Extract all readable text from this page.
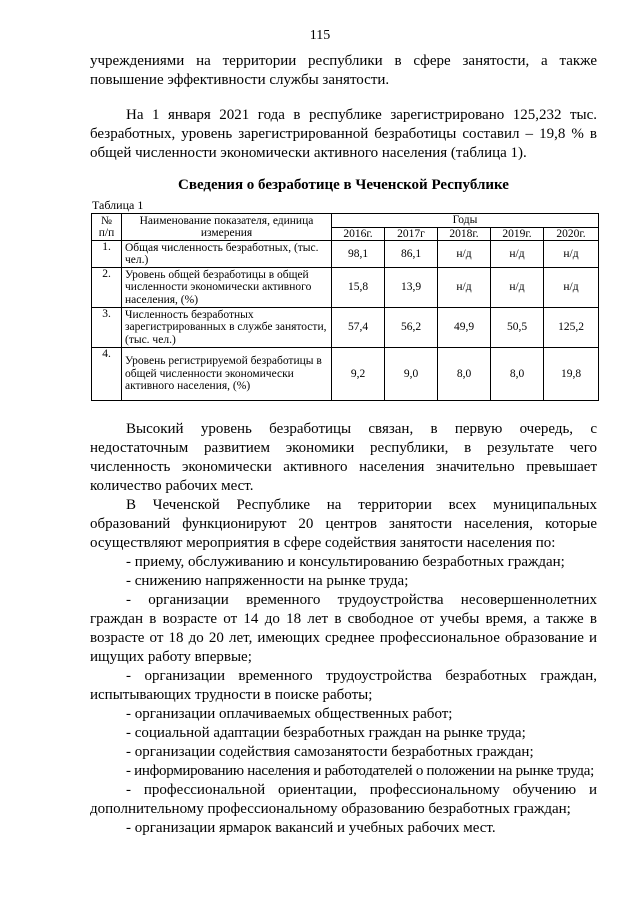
115

учреждениями на территории республики в сфере занятости, а также повышение эффективности службы занятости.

На 1 января 2021 года в республике зарегистрировано 125,232 тыс. безработных, уровень зарегистрированной безработицы составил – 19,8 % в общей численности экономически активного населения (таблица 1).

Сведения о безработице в Чеченской Республике
Таблица 1
№ п/п	Наименование показателя, единица измерения	Годы				
		2016г.	2017г	2018г.	2019г.	2020г.
1.	Общая численность безработных, (тыс. чел.)	98,1	86,1	н/д	н/д	н/д
2.	Уровень общей безработицы в общей численности экономически активного населения, (%)	15,8	13,9	н/д	н/д	н/д
3.	Численность безработных зарегистрированных в службе занятости, (тыс. чел.)	57,4	56,2	49,9	50,5	125,2
4.	Уровень регистрируемой безработицы в общей численности экономически активного населения, (%)	9,2	9,0	8,0	8,0	19,8

Высокий уровень безработицы связан, в первую очередь, с недостаточным развитием экономики республики, в результате чего численность экономически активного населения значительно превышает количество рабочих мест.

В Чеченской Республике на территории всех муниципальных образований функционируют 20 центров занятости населения, которые осуществляют мероприятия в сфере содействия занятости населения по:

- приему, обслуживанию и консультированию безработных граждан;

- снижению напряженности на рынке труда;

- организации временного трудоустройства несовершеннолетних граждан в возрасте от 14 до 18 лет в свободное от учебы время, а также в возрасте от 18 до 20 лет, имеющих среднее профессиональное образование и ищущих работу впервые;

- организации временного трудоустройства безработных граждан, испытывающих трудности в поиске работы;

- организации оплачиваемых общественных работ;

- социальной адаптации безработных граждан на рынке труда;

- организации содействия самозанятости безработных граждан;

- информированию населения и работодателей о положении на рынке труда;

- профессиональной ориентации, профессиональному обучению и дополнительному профессиональному образованию безработных граждан;

- организации ярмарок вакансий и учебных рабочих мест.
